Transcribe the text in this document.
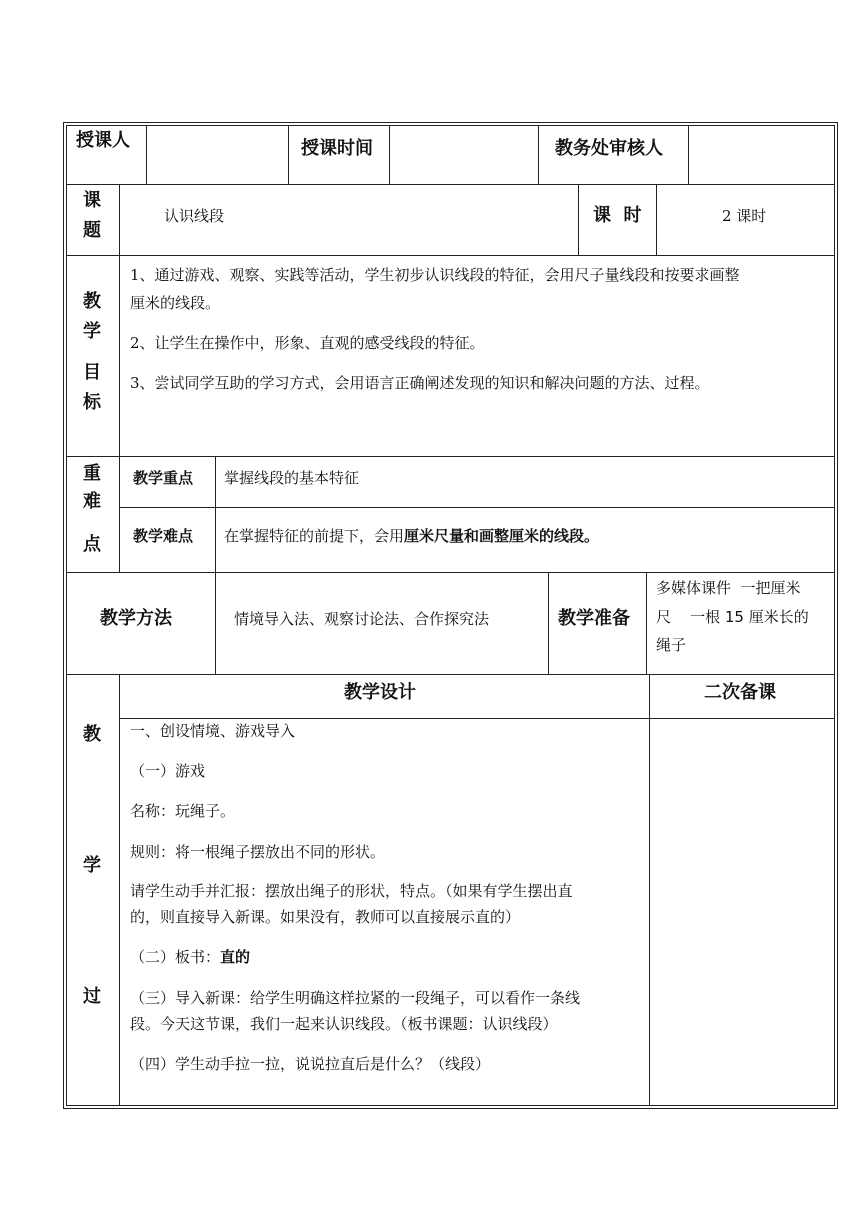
授课人	授课时间	教务处审核人
课
题
认识线段	课  时	2 课时
教
学
目
标
1、通过游戏、观察、实践等活动，学生初步认识线段的特征，会用尺子量线段和按要求画整
厘米的线段。
2、让学生在操作中，形象、直观的感受线段的特征。
3、尝试同学互助的学习方式，会用语言正确阐述发现的知识和解决问题的方法、过程。
重
难
点
教学重点 掌握线段的基本特征
教学难点 在掌握特征的前提下，会用厘米尺量和画整厘米的线段。
教学方法	情境导入法、观察讨论法、合作探究法	教学准备
多媒体课件  一把厘米
尺    一根 15 厘米长的
绳子
教学设计	二次备课
教
学
过
一、创设情境、游戏导入
（一）游戏
名称：玩绳子。
规则：将一根绳子摆放出不同的形状。
请学生动手并汇报：摆放出绳子的形状，特点。（如果有学生摆出直
的，则直接导入新课。如果没有，教师可以直接展示直的）
（二）板书：直的
（三）导入新课：给学生明确这样拉紧的一段绳子，可以看作一条线
段。今天这节课，我们一起来认识线段。（板书课题：认识线段）
（四）学生动手拉一拉，说说拉直后是什么？（线段）
